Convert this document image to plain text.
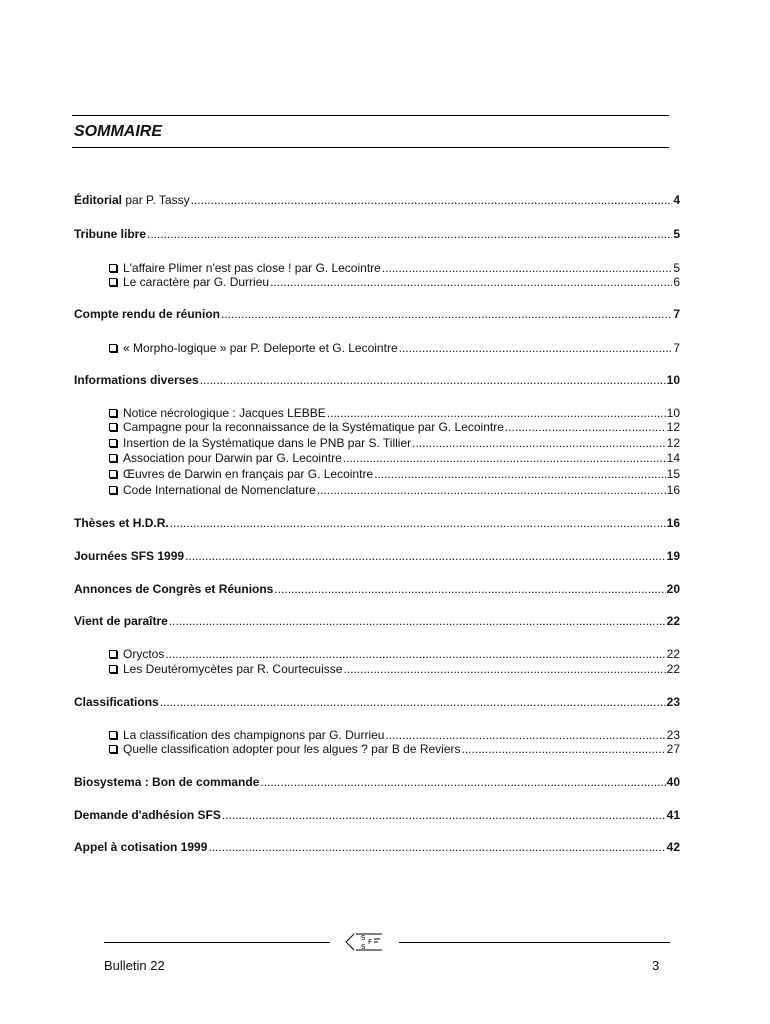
SOMMAIRE
Éditorial par P. Tassy .....	4
Tribune libre .....	5
L'affaire Plimer n'est pas close ! par G. Lecointre .....	5
Le caractère par G. Durrieu .....	6
Compte rendu de réunion .....	7
« Morpho-logique » par P. Deleporte et G. Lecointre .....	7
Informations diverses .....	10
Notice nécrologique : Jacques LEBBE .....	10
Campagne pour la reconnaissance de la Systématique par G. Lecointre .....	12
Insertion de la Systématique dans le PNB par S. Tillier .....	12
Association pour Darwin par G. Lecointre .....	14
Œuvres de Darwin en français par G. Lecointre .....	15
Code International de Nomenclature .....	16
Thèses et H.D.R. .....	16
Journées SFS 1999 .....	19
Annonces de Congrès et Réunions .....	20
Vient de paraître .....	22
Oryctos .....	22
Les Deutéromycètes par R. Courtecuisse .....	22
Classifications .....	23
La classification des champignons par G. Durrieu .....	23
Quelle classification adopter pour les algues ? par B de Reviers .....	27
Biosystema : Bon de commande .....	40
Demande d'adhésion SFS .....	41
Appel à cotisation 1999 .....	42
S F
S
Bulletin 22	3
